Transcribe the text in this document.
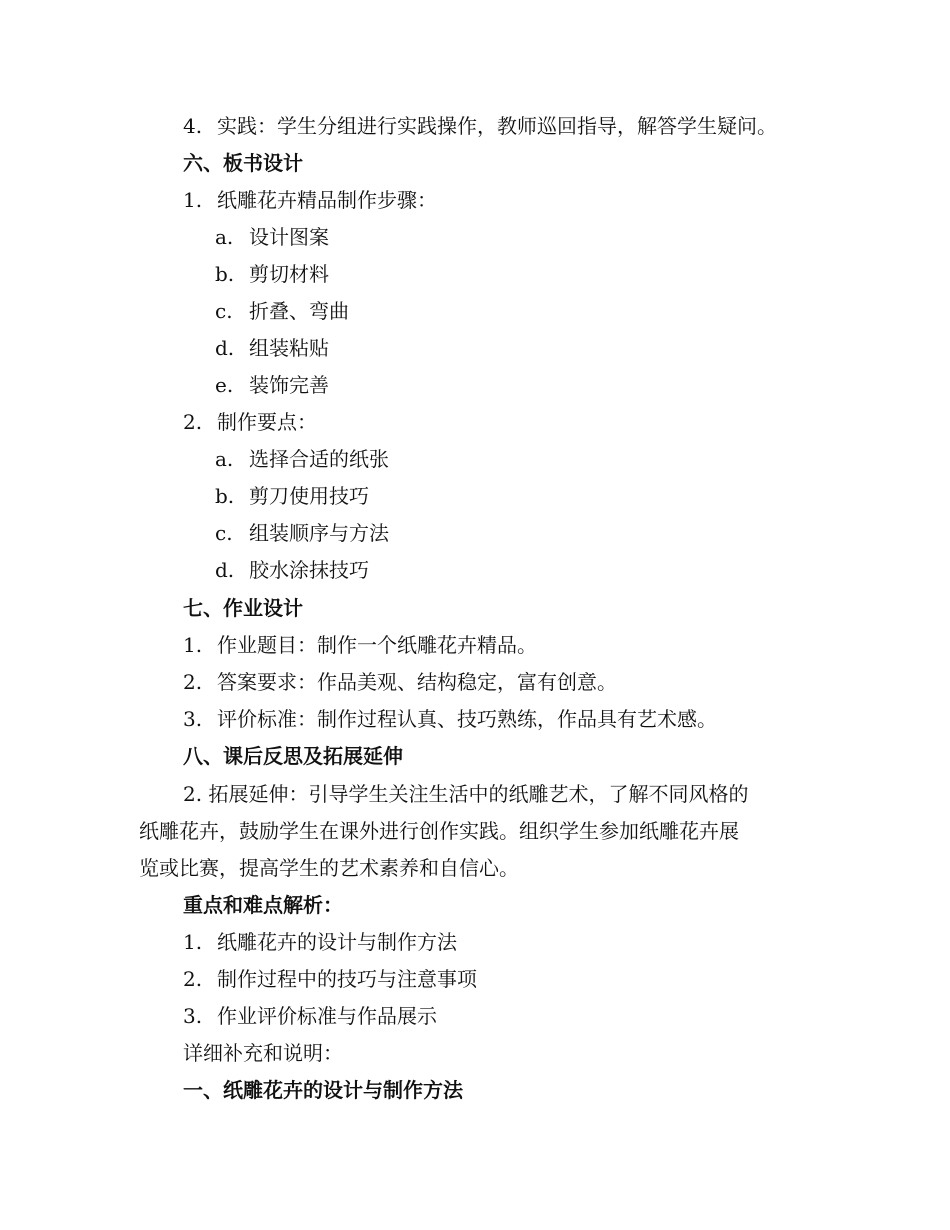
4. 实践：学生分组进行实践操作，教师巡回指导，解答学生疑问。
六、板书设计
1. 纸雕花卉精品制作步骤：
a. 设计图案
b. 剪切材料
c. 折叠、弯曲
d. 组装粘贴
e. 装饰完善
2. 制作要点：
a. 选择合适的纸张
b. 剪刀使用技巧
c. 组装顺序与方法
d. 胶水涂抹技巧
七、作业设计
1. 作业题目：制作一个纸雕花卉精品。
2. 答案要求：作品美观、结构稳定，富有创意。
3. 评价标准：制作过程认真、技巧熟练，作品具有艺术感。
八、课后反思及拓展延伸
2. 拓展延伸：引导学生关注生活中的纸雕艺术，了解不同风格的
纸雕花卉，鼓励学生在课外进行创作实践。组织学生参加纸雕花卉展
览或比赛，提高学生的艺术素养和自信心。
重点和难点解析：
1. 纸雕花卉的设计与制作方法
2. 制作过程中的技巧与注意事项
3. 作业评价标准与作品展示
详细补充和说明：
一、纸雕花卉的设计与制作方法
